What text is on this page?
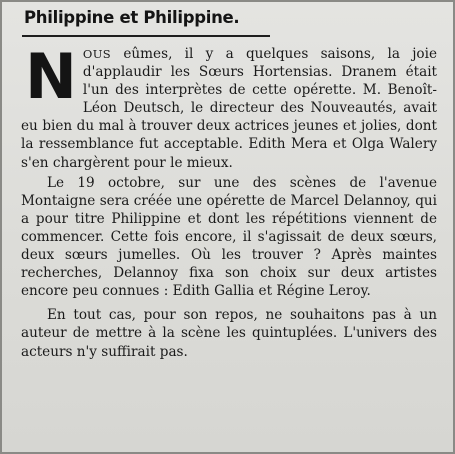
Philippine et Philippine.

NOUS eûmes, il y a quelques saisons, la joie d'applaudir les Sœurs Hortensias. Dranem était l'un des interprètes de cette opérette. M. Benoît-Léon Deutsch, le directeur des Nouveautés, avait eu bien du mal à trouver deux actrices jeunes et jolies, dont la ressemblance fut acceptable. Edith Mera et Olga Walery s'en chargèrent pour le mieux.

Le 19 octobre, sur une des scènes de l'avenue Montaigne sera créée une opérette de Marcel Delannoy, qui a pour titre Philippine et dont les répétitions viennent de commencer. Cette fois encore, il s'agissait de deux sœurs, deux sœurs jumelles. Où les trouver ? Après maintes recherches, Delannoy fixa son choix sur deux artistes encore peu connues : Edith Gallia et Régine Leroy.

En tout cas, pour son repos, ne souhaitons pas à un auteur de mettre à la scène les quintuplées. L'univers des acteurs n'y suffirait pas.
